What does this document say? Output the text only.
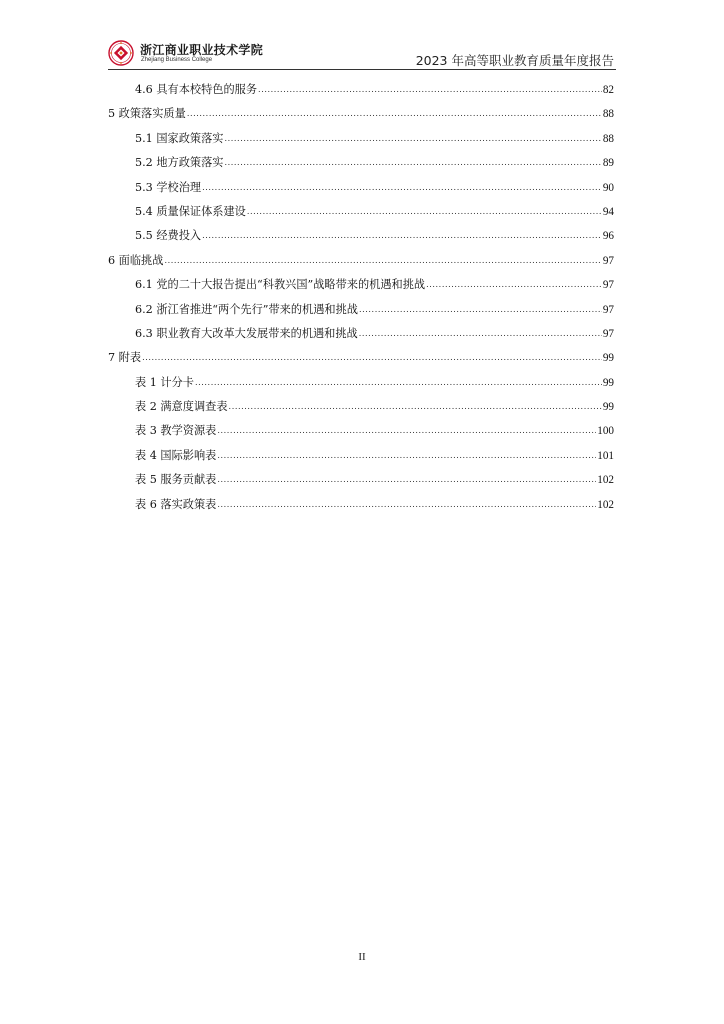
浙江商业职业技术学院
Zhejiang Business College	2023 年高等职业教育质量年度报告
4.6 具有本校特色的服务 .....	82
5 政策落实质量 .....	88
5.1 国家政策落实 .....	88
5.2 地方政策落实 .....	89
5.3 学校治理 .....	90
5.4 质量保证体系建设 .....	94
5.5 经费投入 .....	96
6 面临挑战 .....	97
6.1 党的二十大报告提出“科教兴国”战略带来的机遇和挑战 .....	97
6.2 浙江省推进“两个先行”带来的机遇和挑战 .....	97
6.3 职业教育大改革大发展带来的机遇和挑战 .....	97
7 附表 .....	99
表 1 计分卡 .....	99
表 2 满意度调查表 .....	99
表 3 教学资源表 .....	100
表 4 国际影响表 .....	101
表 5 服务贡献表 .....	102
表 6 落实政策表 .....	102
II
